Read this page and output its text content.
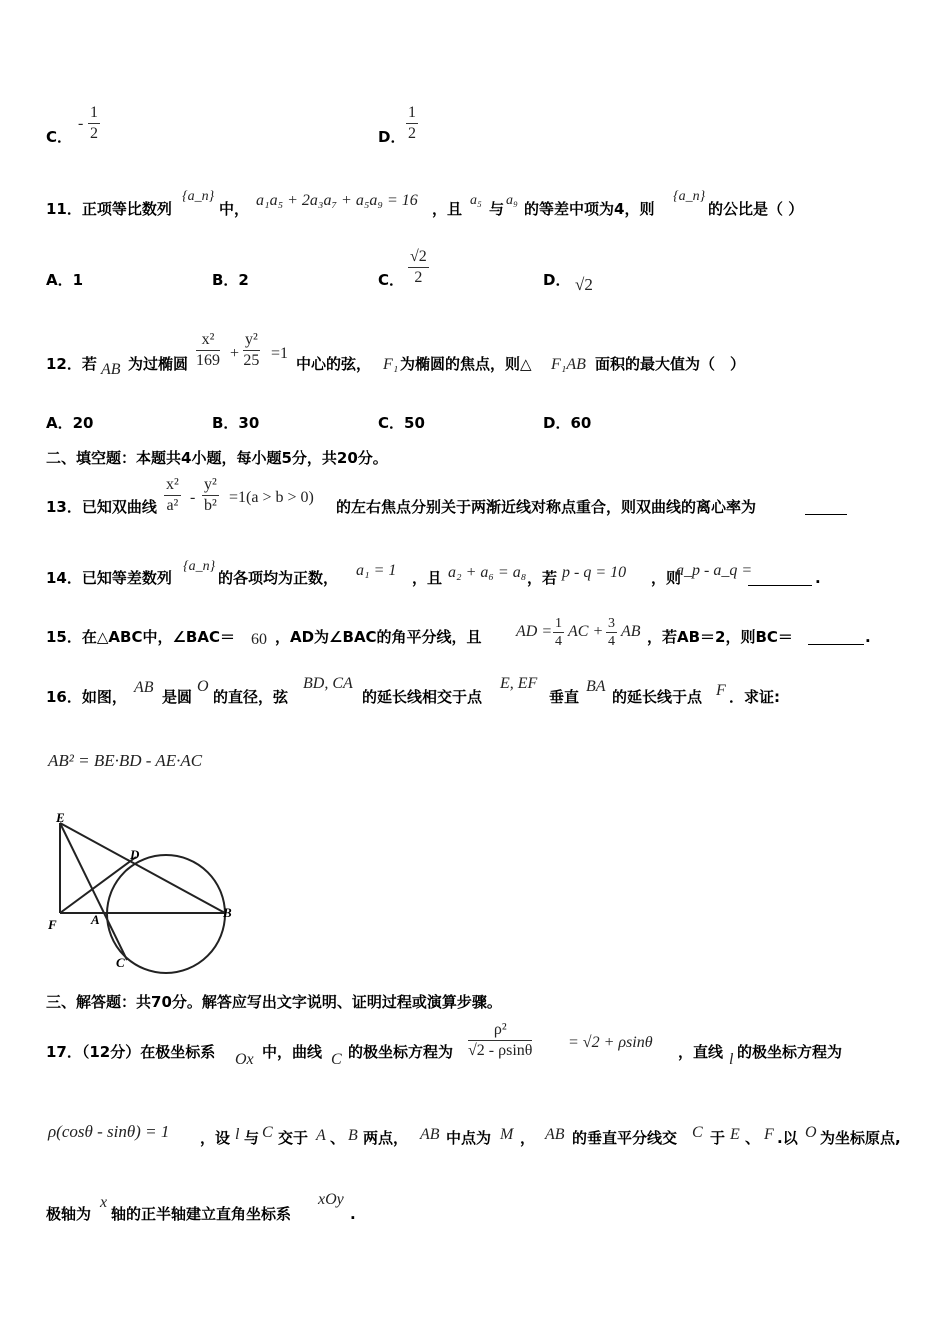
C．
- $\frac{1}{2}$	D． $\frac{1}{2}$
11．正项等比数列
{a_n}
中， a₁a₅ + 2a₃a₇ + a₅a₉ = 16 ，且 a₅ 与 a₉ 的等差中项为4，则
{a_n}
的公比是（ ）
A．1	B．2	C． $\frac{√2}{2}$	D． √2
12．若 AB 为过椭圆 $\frac{\text{x²}}{169} + \frac{\text{y²}}{25} =1$
中心的弦， F₁ 为椭圆的焦点，则△ F₁AB 面积的最大值为（　）
A．20	B．30	C．50	D．60
二、填空题：本题共4小题，每小题5分，共20分。
13．已知双曲线 $\frac{\text{x²}}{\text{a²}} - \frac{\text{y²}}{\text{b²}} =1(a > b > 0)$
的左右焦点分别关于两渐近线对称点重合，则双曲线的离心率为
14．已知等差数列
{a_n}
的各项均为正数， a₁ = 1 ，且 a₂ + a₆ = a₈ ，若 p - q = 10 ，则
a_p - a_q =	.
15．在△ABC中，∠BAC＝ 60 ，AD为∠BAC的角平分线，且 AD = $\frac{1}{4}$ AC + $\frac{3}{4}$ AB ，若AB＝2，则BC＝	.
16．如图，
AB
是圆
O
的直径，弦
BD, CA
的延长线相交于点
E, EF
垂直
BA
的延长线于点 F ．求证:
AB² = BE·BD - AE·AC
E
D
F	A	B
C
三、解答题：共70分。解答应写出文字说明、证明过程或演算步骤。
17．（12分）在极坐标系 Ox 中，曲线 C 的极坐标方程为 $\frac{\text{ρ²}}{√2 - \rho\sin\theta} = √2 + \rho\sin\theta$
，直线 l 的极坐标方程为
ρ(cosθ - sinθ) = 1 ，设 l 与 C 交于 A 、 B 两点， AB 中点为 M ， AB 的垂直平分线交 C 于 E 、 F .以 O 为坐标原点,
极轴为
x
轴的正半轴建立直角坐标系
xOy
.
